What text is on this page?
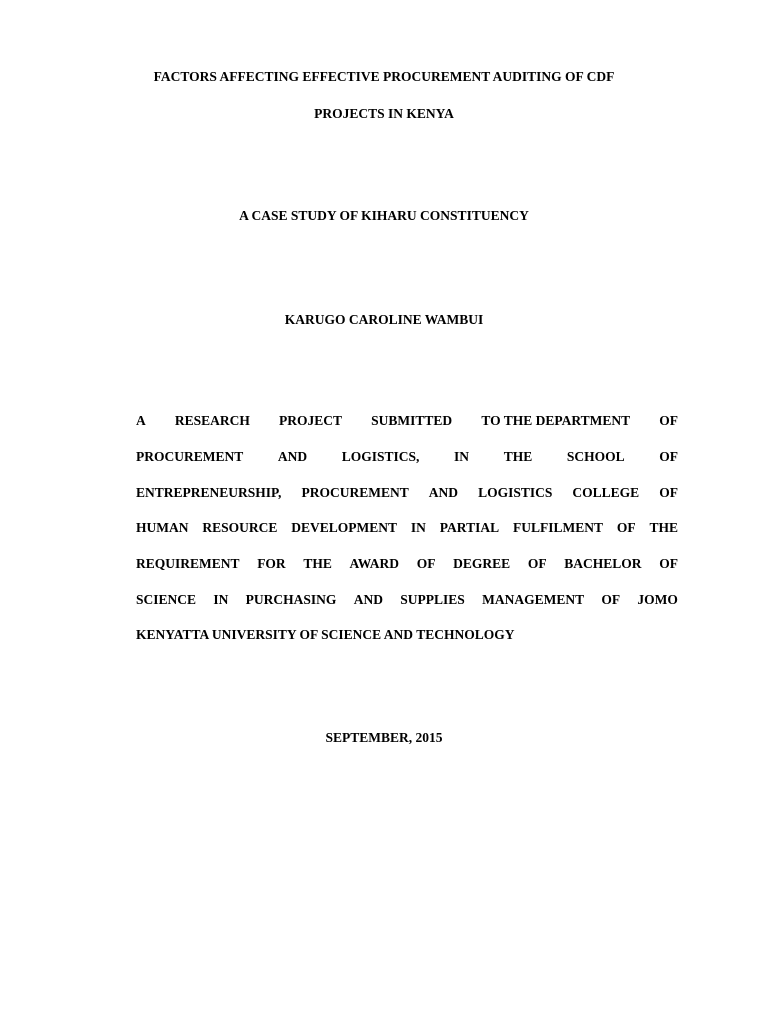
FACTORS AFFECTING EFFECTIVE PROCUREMENT AUDITING OF CDF
PROJECTS IN KENYA
A CASE STUDY OF KIHARU CONSTITUENCY
KARUGO CAROLINE WAMBUI
A RESEARCH PROJECT SUBMITTED TO THE DEPARTMENT OF
PROCUREMENT	AND	LOGISTICS,	IN	THE	SCHOOL	OF
ENTREPRENEURSHIP, PROCUREMENT AND LOGISTICS COLLEGE OF
HUMAN RESOURCE DEVELOPMENT IN PARTIAL FULFILMENT OF THE
REQUIREMENT FOR THE AWARD OF DEGREE OF BACHELOR OF
SCIENCE IN PURCHASING AND SUPPLIES MANAGEMENT OF JOMO
KENYATTA UNIVERSITY OF SCIENCE AND TECHNOLOGY
SEPTEMBER, 2015
